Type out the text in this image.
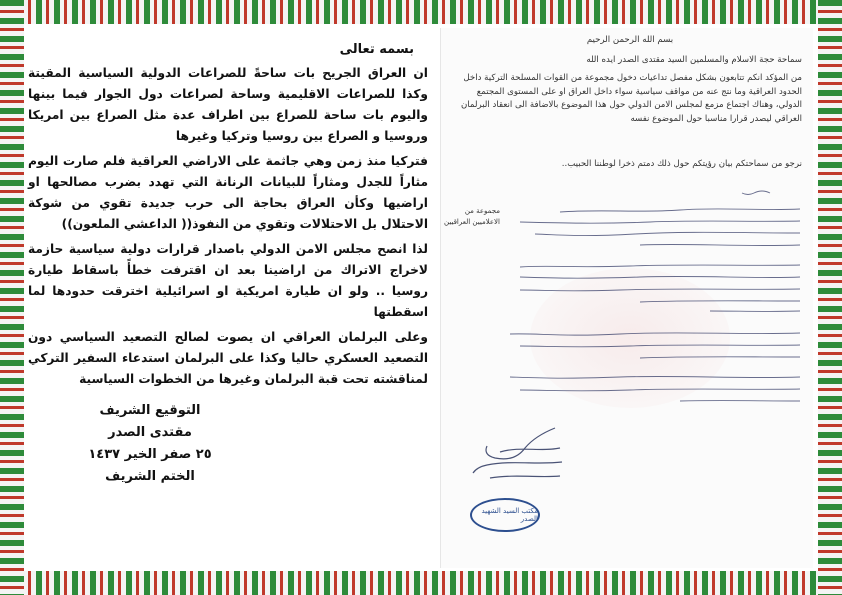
بسمه تعالى

ان العراق الجريح بات ساحةً للصراعات الدولية السياسية المقيتة وكذا للصراعات الاقليمية وساحة لصراعات دول الجوار فيما بينها واليوم بات ساحة للصراع بين اطراف عدة مثل الصراع بين امريكا وروسيا و الصراع بين روسيا وتركيا وغيرها

فتركيا منذ زمن وهي جاثمة على الاراضي العراقية فلم صارت اليوم مثاراً للجدل ومثاراً للبيانات الرنانة التي تهدد بضرب مصالحها او اراضيها وكأن العراق بحاجة الى حرب جديدة تقوي من شوكة الاحتلال بل الاحتلالات وتقوي من النفوذ(( الداعشي الملعون))

لذا انصح مجلس الامن الدولي باصدار قرارات دولية سياسية حازمة لاخراج الاتراك من اراضينا بعد ان اقترفت خطأً باسقاط طيارة روسيا .. ولو ان طيارة امريكية او اسرائيلية اخترقت حدودها لما اسقطتها

وعلى البرلمان العراقي ان يصوت لصالح التصعيد السياسي دون التصعيد العسكري حاليا وكذا على البرلمان استدعاء السفير التركي لمناقشته تحت قبة البرلمان وغيرها من الخطوات السياسية

التوقيع الشريف
مقتدى الصدر
٢٥ صفر الخير ١٤٣٧
الختم الشريف
بسم الله الرحمن الرحيم
سماحة حجة الاسلام والمسلمين السيد مقتدى الصدر ايده الله
من المؤكد انكم تتابعون بشكل مفصل تداعيات دخول مجموعة من القوات المسلحة التركية داخل الحدود العراقية وما نتج عنه من مواقف سياسية سواء داخل العراق او على المستوى المجتمع الدولي، وهناك اجتماع مزمع لمجلس الامن الدولي حول هذا الموضوع بالاضافة الى انعقاد البرلمان العراقي ليصدر قرارا مناسبا حول الموضوع نفسه
نرجو من سماحتكم بيان رؤيتكم حول ذلك دمتم ذخرا لوطننا الحبيب..
مجموعة من الاعلاميين العراقيين
مكتب السيد الشهيد الصدر
